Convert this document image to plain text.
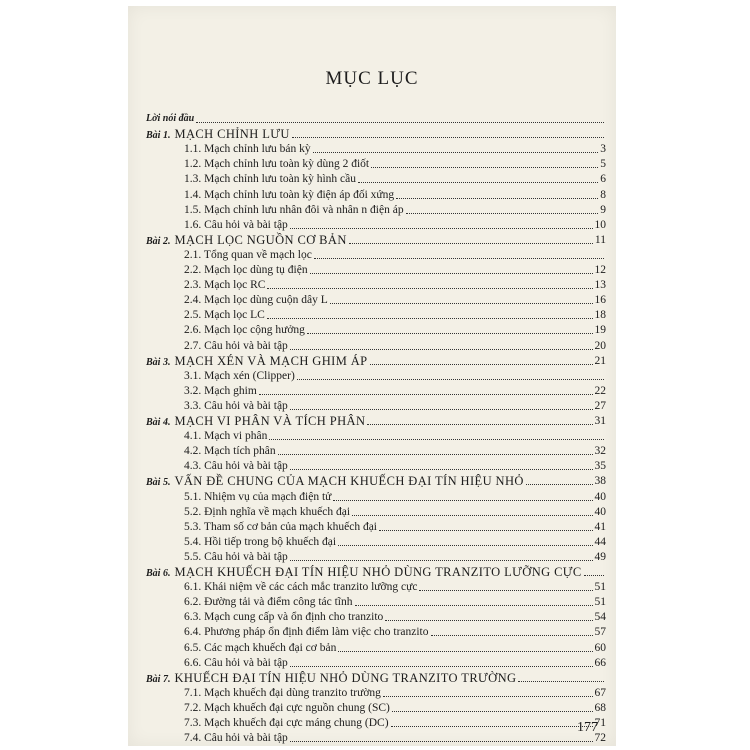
MỤC LỤC
Lời nói đầu
Bài 1. MẠCH CHỈNH LƯU
1.1. Mạch chỉnh lưu bán kỳ	3
1.2. Mạch chỉnh lưu toàn kỳ dùng 2 điốt	5
1.3. Mạch chỉnh lưu toàn kỳ hình cầu	6
1.4. Mạch chỉnh lưu toàn kỳ điện áp đối xứng	8
1.5. Mạch chỉnh lưu nhân đôi và nhân n điện áp	9
1.6. Câu hỏi và bài tập	10
Bài 2. MẠCH LỌC NGUỒN CƠ BẢN	11
2.1. Tổng quan về mạch lọc
2.2. Mạch lọc dùng tụ điện	12
2.3. Mạch lọc RC	13
2.4. Mạch lọc dùng cuộn dây L	16
2.5. Mạch lọc LC	18
2.6. Mạch lọc cộng hưởng	19
2.7. Câu hỏi và bài tập	20
Bài 3. MẠCH XÉN VÀ MẠCH GHIM ÁP	21
3.1. Mạch xén (Clipper)
3.2. Mạch ghim	22
3.3. Câu hỏi và bài tập	27
Bài 4. MẠCH VI PHÂN VÀ TÍCH PHÂN	31
4.1. Mạch vi phân
4.2. Mạch tích phân	32
4.3. Câu hỏi và bài tập	35
Bài 5. VẤN ĐỀ CHUNG CỦA MẠCH KHUẾCH ĐẠI TÍN HIỆU NHỎ	38
5.1. Nhiệm vụ của mạch điện tử	40
5.2. Định nghĩa về mạch khuếch đại	40
5.3. Tham số cơ bản của mạch khuếch đại	41
5.4. Hồi tiếp trong bộ khuếch đại	44
5.5. Câu hỏi và bài tập	49
Bài 6. MẠCH KHUẾCH ĐẠI TÍN HIỆU NHỎ DÙNG TRANZITO LƯỠNG CỰC
6.1. Khái niệm về các cách mắc tranzito lưỡng cực	51
6.2. Đường tải và điểm công tác tĩnh	51
6.3. Mạch cung cấp và ổn định cho tranzito	54
6.4. Phương pháp ổn định điểm làm việc cho tranzito	57
6.5. Các mạch khuếch đại cơ bản	60
6.6. Câu hỏi và bài tập	66
Bài 7. KHUẾCH ĐẠI TÍN HIỆU NHỎ DÙNG TRANZITO TRƯỜNG
7.1. Mạch khuếch đại dùng tranzito trường	67
7.2. Mạch khuếch đại cực nguồn chung (SC)	68
7.3. Mạch khuếch đại cực máng chung (DC)	71
7.4. Câu hỏi và bài tập	72
177
